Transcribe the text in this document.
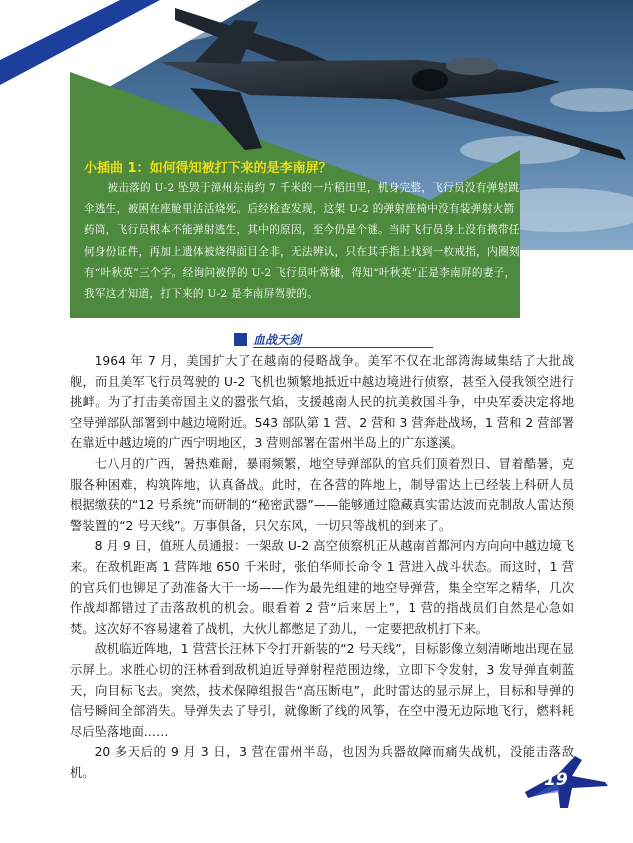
小插曲 1：如何得知被打下来的是李南屏？

被击落的 U-2 坠毁于漳州东南约 7 千米的一片稻田里，机身完整，飞行员没有弹射跳伞逃生，被困在座舱里活活烧死。后经检查发现，这架 U-2 的弹射座椅中没有装弹射火箭药筒，飞行员根本不能弹射逃生，其中的原因，至今仍是个谜。当时飞行员身上没有携带任何身份证件，再加上遗体被烧得面目全非，无法辨认，只在其手指上找到一枚戒指，内圈刻有“叶秋英”三个字。经询问被俘的 U-2 飞行员叶常棣，得知“叶秋英”正是李南屏的妻子，我军这才知道，打下来的 U-2 是李南屏驾驶的。

血战天剑

1964 年 7 月，美国扩大了在越南的侵略战争。美军不仅在北部湾海域集结了大批战舰，而且美军飞行员驾驶的 U-2 飞机也频繁地抵近中越边境进行侦察，甚至入侵我领空进行挑衅。为了打击美帝国主义的嚣张气焰，支援越南人民的抗美救国斗争，中央军委决定将地空导弹部队部署到中越边境附近。543 部队第 1 营、2 营和 3 营奔赴战场，1 营和 2 营部署在靠近中越边境的广西宁明地区，3 营则部署在雷州半岛上的广东遂溪。

七八月的广西，暑热难耐，暴雨频繁，地空导弹部队的官兵们顶着烈日、冒着酷暑，克服各种困难，构筑阵地，认真备战。此时，在各营的阵地上，制导雷达上已经装上科研人员根据缴获的“12 号系统”而研制的“秘密武器”——能够通过隐藏真实雷达波而克制敌人雷达预警装置的“2 号天线”。万事俱备，只欠东风，一切只等战机的到来了。

8 月 9 日，值班人员通报：一架敌 U-2 高空侦察机正从越南首都河内方向向中越边境飞来。在敌机距离 1 营阵地 650 千米时，张伯华师长命令 1 营进入战斗状态。而这时，1 营的官兵们也铆足了劲准备大干一场——作为最先组建的地空导弹营，集全空军之精华，几次作战却都错过了击落敌机的机会。眼看着 2 营“后来居上”，1 营的指战员们自然是心急如焚。这次好不容易逮着了战机，大伙儿都憋足了劲儿，一定要把敌机打下来。

敌机临近阵地，1 营营长汪林下令打开新装的“2 号天线”，目标影像立刻清晰地出现在显示屏上。求胜心切的汪林看到敌机迫近导弹射程范围边缘，立即下令发射，3 发导弹直刺蓝天，向目标飞去。突然，技术保障组报告“高压断电”，此时雷达的显示屏上，目标和导弹的信号瞬间全部消失。导弹失去了导引，就像断了线的风筝，在空中漫无边际地飞行，燃料耗尽后坠落地面……

20 多天后的 9 月 3 日，3 营在雷州半岛，也因为兵器故障而痛失战机，没能击落敌机。	19
